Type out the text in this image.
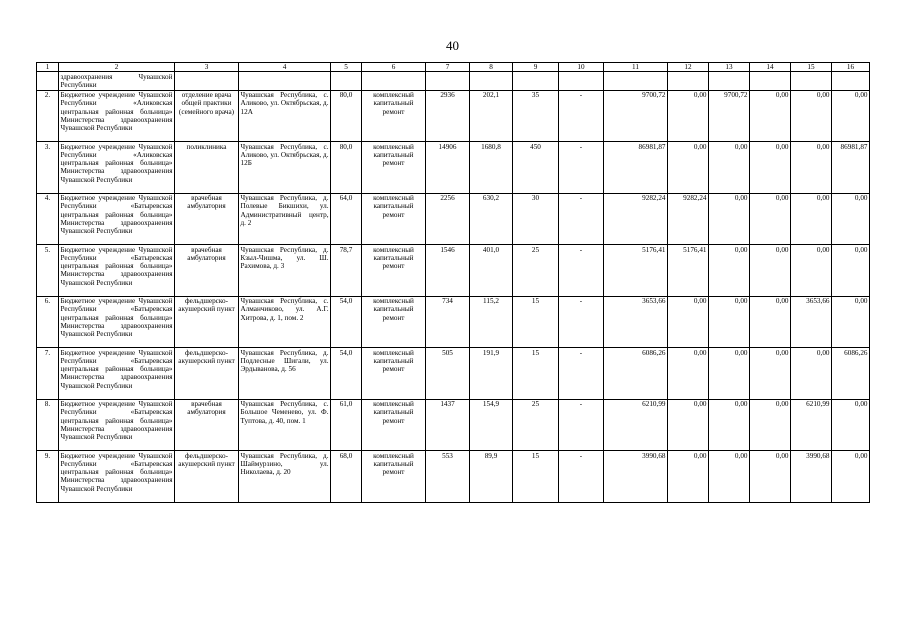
40
1	2	3	4	5	6	7	8	9	10	11	12	13	14	15	16
	здравоохранения Чувашской Республики														
2.	Бюджетное учреждение Чувашской Республики «Аликовская центральная районная больница» Министерства здравоохранения Чувашской Республики	отделение врача общей практики (семейного врача)	Чувашская Республика, с. Аликово, ул. Октябрьская, д. 12А	80,0	комплексный капитальный ремонт	2936	202,1	35	-	9700,72	0,00	9700,72	0,00	0,00	0,00
3.	Бюджетное учреждение Чувашской Республики «Аликовская центральная районная больница» Министерства здравоохранения Чувашской Республики	поликлиника	Чувашская Республика, с. Аликово, ул. Октябрьская, д. 12Б	80,0	комплексный капитальный ремонт	14906	1680,8	450	-	86981,87	0,00	0,00	0,00	0,00	86981,87
4.	Бюджетное учреждение Чувашской Республики «Батыревская центральная районная больница» Министерства здравоохранения Чувашской Республики	врачебная амбулатория	Чувашская Республика, д. Полевые Бикшихи, ул. Административный центр, д. 2	64,0	комплексный капитальный ремонт	2256	630,2	30	-	9282,24	9282,24	0,00	0,00	0,00	0,00
5.	Бюджетное учреждение Чувашской Республики «Батыревская центральная районная больница» Министерства здравоохранения Чувашской Республики	врачебная амбулатория	Чувашская Республика, д. Кзыл-Чишма, ул. Ш. Рахимова, д. 3	78,7	комплексный капитальный ремонт	1546	401,0	25	-	5176,41	5176,41	0,00	0,00	0,00	0,00
6.	Бюджетное учреждение Чувашской Республики «Батыревская центральная районная больница» Министерства здравоохранения Чувашской Республики	фельдшерско-акушерский пункт	Чувашская Республика, с. Алманчиково, ул. А.Г. Хитрова, д. 1, пом. 2	54,0	комплексный капитальный ремонт	734	115,2	15	-	3653,66	0,00	0,00	0,00	3653,66	0,00
7.	Бюджетное учреждение Чувашской Республики «Батыревская центральная районная больница» Министерства здравоохранения Чувашской Республики	фельдшерско-акушерский пункт	Чувашская Республика, д. Подлесные Шигали, ул. Эрдыванова, д. 56	54,0	комплексный капитальный ремонт	505	191,9	15	-	6086,26	0,00	0,00	0,00	0,00	6086,26
8.	Бюджетное учреждение Чувашской Республики «Батыревская центральная районная больница» Министерства здравоохранения Чувашской Республики	врачебная амбулатория	Чувашская Республика, с. Большое Чеменево, ул. Ф. Туптова, д. 40, пом. 1	61,0	комплексный капитальный ремонт	1437	154,9	25	-	6210,99	0,00	0,00	0,00	6210,99	0,00
9.	Бюджетное учреждение Чувашской Республики «Батыревская центральная районная больница» Министерства здравоохранения Чувашской Республики	фельдшерско-акушерский пункт	Чувашская Республика, д. Шаймурзино, ул. Николаева, д. 20	68,0	комплексный капитальный ремонт	553	89,9	15	-	3990,68	0,00	0,00	0,00	3990,68	0,00
